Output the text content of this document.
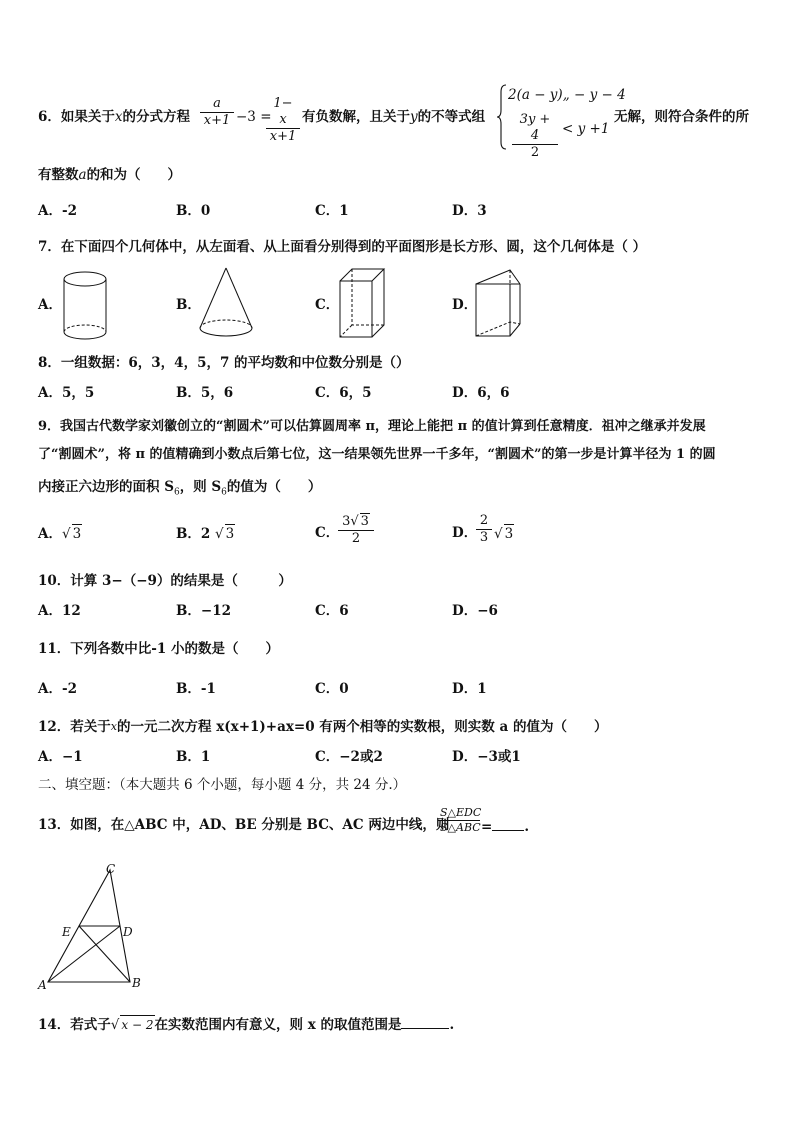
6．如果关于x的分式方程 $\frac{a}{x+1} -3$ =
$\frac{1- x}{x+1}$ 有负数解，且关于y的不等式组
2(a − y)„ − y − 4
$\frac{3y + 4}{2} < y +1$
无解，则符合条件的所
有整数a的和为（　　）
A．-2	B．0	C．1	D．3
7．在下面四个几何体中，从左面看、从上面看分别得到的平面图形是长方形、圆，这个几何体是（ ）
A．	B．	C．	D．
8．一组数据：6，3，4，5，7 的平均数和中位数分别是（）
A．5，5	B．5，6	C．6，5	D．6，6
9．我国古代数学家刘徽创立的“割圆术”可以估算圆周率 π，理论上能把 π 的值计算到任意精度．祖冲之继承并发展
了“割圆术”，将 π 的值精确到小数点后第七位，这一结果领先世界一千多年，“割圆术”的第一步是计算半径为 1 的圆
内接正六边形的面积 $S_6$，则 $S_6$的值为（　　）
A．√ 3	B．2 √ 3	C．
$\frac{3√ 3}{2}$	D．
$\frac{2}{3}$ √ 3
10．计算 3−（−9）的结果是（　　　）
A．12	B．−12	C．6	D．−6
11．下列各数中比-1 小的数是（　　）
A．-2	B．-1	C．0	D．1
12．若关于$^x$的一元二次方程 x(x+1)+ax=0 有两个相等的实数根，则实数 a 的值为（　　）
A．−1	B．1	C．−2或2	D．−3或1
二、填空题：（本大题共 6 个小题，每小题 4 分，共 24 分.）
13．如图，在△ABC 中，AD、BE 分别是 BC、AC 两边中线，则
S△EDC
S△ABC = .
C
E	D
A	B
14．若式子√ x − 2在实数范围内有意义，则 x 的取值范围是	.
